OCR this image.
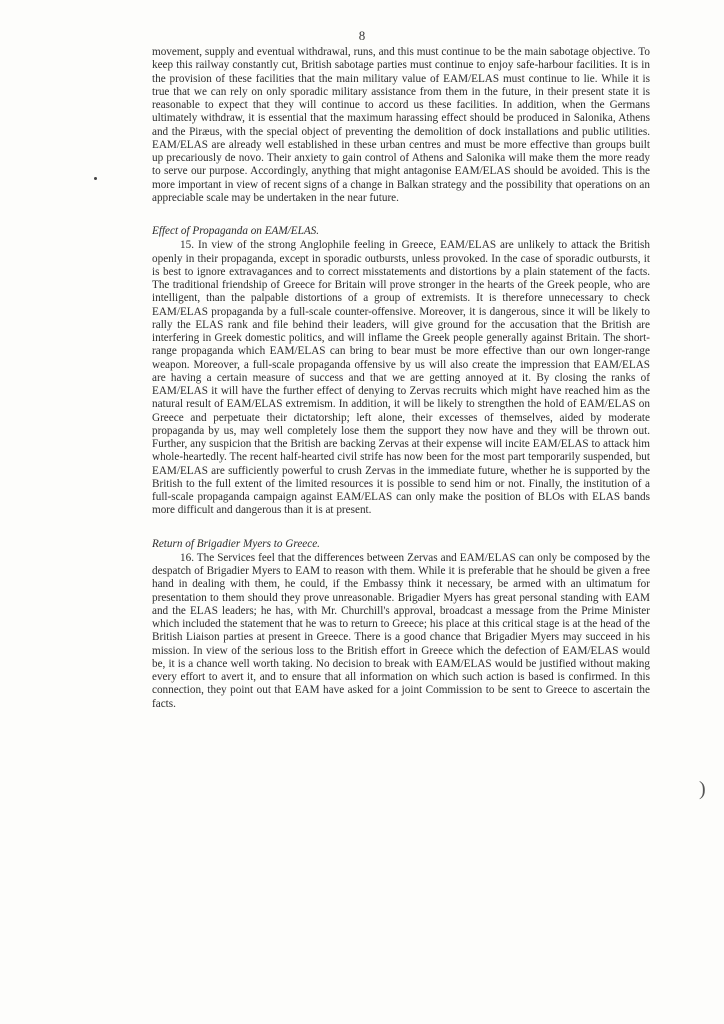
8
)

movement, supply and eventual withdrawal, runs, and this must continue to be the main sabotage objective. To keep this railway constantly cut, British sabotage parties must continue to enjoy safe-harbour facilities. It is in the provision of these facilities that the main military value of EAM/ELAS must continue to lie. While it is true that we can rely on only sporadic military assistance from them in the future, in their present state it is reasonable to expect that they will continue to accord us these facilities. In addition, when the Germans ultimately withdraw, it is essential that the maximum harassing effect should be produced in Salonika, Athens and the Piræus, with the special object of preventing the demolition of dock installations and public utilities. EAM/ELAS are already well established in these urban centres and must be more effective than groups built up precariously de novo. Their anxiety to gain control of Athens and Salonika will make them the more ready to serve our purpose. Accordingly, anything that might antagonise EAM/ELAS should be avoided. This is the more important in view of recent signs of a change in Balkan strategy and the possibility that operations on an appreciable scale may be undertaken in the near future.

Effect of Propaganda on EAM/ELAS.

15. In view of the strong Anglophile feeling in Greece, EAM/ELAS are unlikely to attack the British openly in their propaganda, except in sporadic outbursts, unless provoked. In the case of sporadic outbursts, it is best to ignore extravagances and to correct misstatements and distortions by a plain statement of the facts. The traditional friendship of Greece for Britain will prove stronger in the hearts of the Greek people, who are intelligent, than the palpable distortions of a group of extremists. It is therefore unnecessary to check EAM/ELAS propaganda by a full-scale counter-offensive. Moreover, it is dangerous, since it will be likely to rally the ELAS rank and file behind their leaders, will give ground for the accusation that the British are interfering in Greek domestic politics, and will inflame the Greek people generally against Britain. The short-range propaganda which EAM/ELAS can bring to bear must be more effective than our own longer-range weapon. Moreover, a full-scale propaganda offensive by us will also create the impression that EAM/ELAS are having a certain measure of success and that we are getting annoyed at it. By closing the ranks of EAM/ELAS it will have the further effect of denying to Zervas recruits which might have reached him as the natural result of EAM/ELAS extremism. In addition, it will be likely to strengthen the hold of EAM/ELAS on Greece and perpetuate their dictatorship; left alone, their excesses of themselves, aided by moderate propaganda by us, may well completely lose them the support they now have and they will be thrown out. Further, any suspicion that the British are backing Zervas at their expense will incite EAM/ELAS to attack him whole-heartedly. The recent half-hearted civil strife has now been for the most part temporarily suspended, but EAM/ELAS are sufficiently powerful to crush Zervas in the immediate future, whether he is supported by the British to the full extent of the limited resources it is possible to send him or not. Finally, the institution of a full-scale propaganda campaign against EAM/ELAS can only make the position of BLOs with ELAS bands more difficult and dangerous than it is at present.

Return of Brigadier Myers to Greece.

16. The Services feel that the differences between Zervas and EAM/ELAS can only be composed by the despatch of Brigadier Myers to EAM to reason with them. While it is preferable that he should be given a free hand in dealing with them, he could, if the Embassy think it necessary, be armed with an ultimatum for presentation to them should they prove unreasonable. Brigadier Myers has great personal standing with EAM and the ELAS leaders; he has, with Mr. Churchill's approval, broadcast a message from the Prime Minister which included the statement that he was to return to Greece; his place at this critical stage is at the head of the British Liaison parties at present in Greece. There is a good chance that Brigadier Myers may succeed in his mission. In view of the serious loss to the British effort in Greece which the defection of EAM/ELAS would be, it is a chance well worth taking. No decision to break with EAM/ELAS would be justified without making every effort to avert it, and to ensure that all information on which such action is based is confirmed. In this connection, they point out that EAM have asked for a joint Commission to be sent to Greece to ascertain the facts.
